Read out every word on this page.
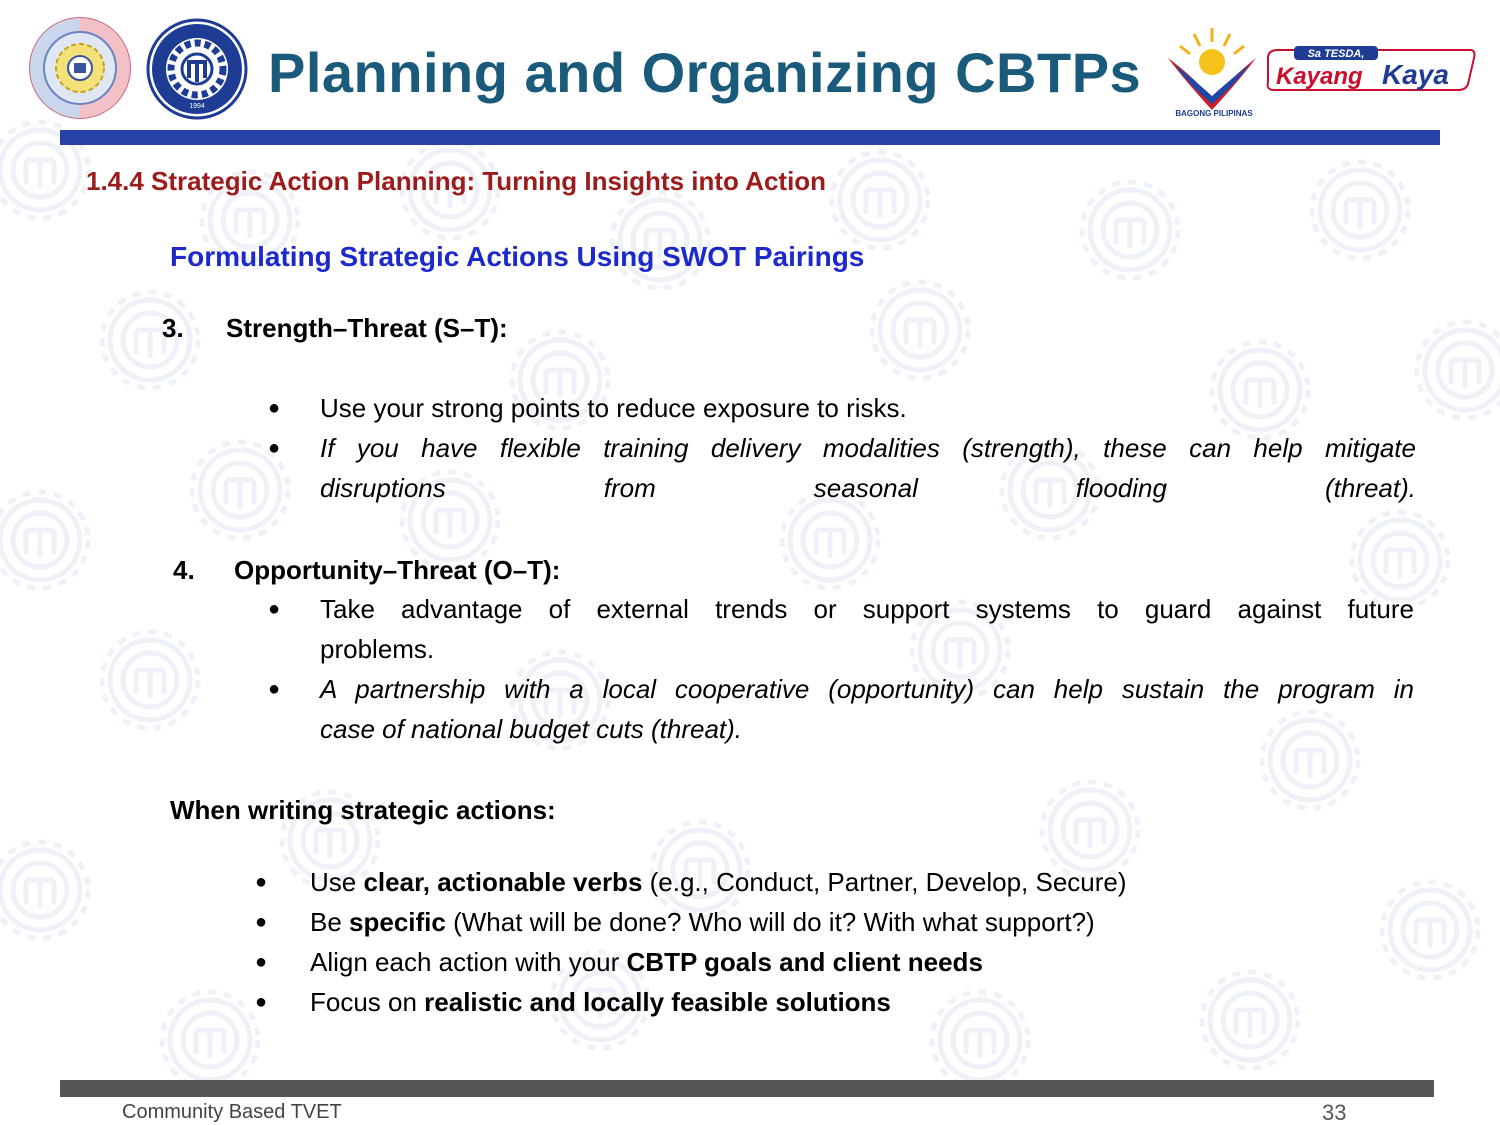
1994
Planning and Organizing CBTPs
BAGONG PILIPINAS
Sa TESDA,
Kayang Kaya
1.4.4 Strategic Action Planning: Turning Insights into Action
Formulating Strategic Actions Using SWOT Pairings
3. Strength–Threat (S–T):
● Use your strong points to reduce exposure to risks.
● If you have flexible training delivery modalities (strength), these can help mitigate
disruptions from seasonal flooding (threat).
4. Opportunity–Threat (O–T):
● Take advantage of external trends or support systems to guard against future
problems.
● A partnership with a local cooperative (opportunity) can help sustain the program in
case of national budget cuts (threat).
When writing strategic actions:
● Use clear, actionable verbs (e.g., Conduct, Partner, Develop, Secure)
● Be specific (What will be done? Who will do it? With what support?)
● Align each action with your CBTP goals and client needs
● Focus on realistic and locally feasible solutions
Community Based TVET	33
